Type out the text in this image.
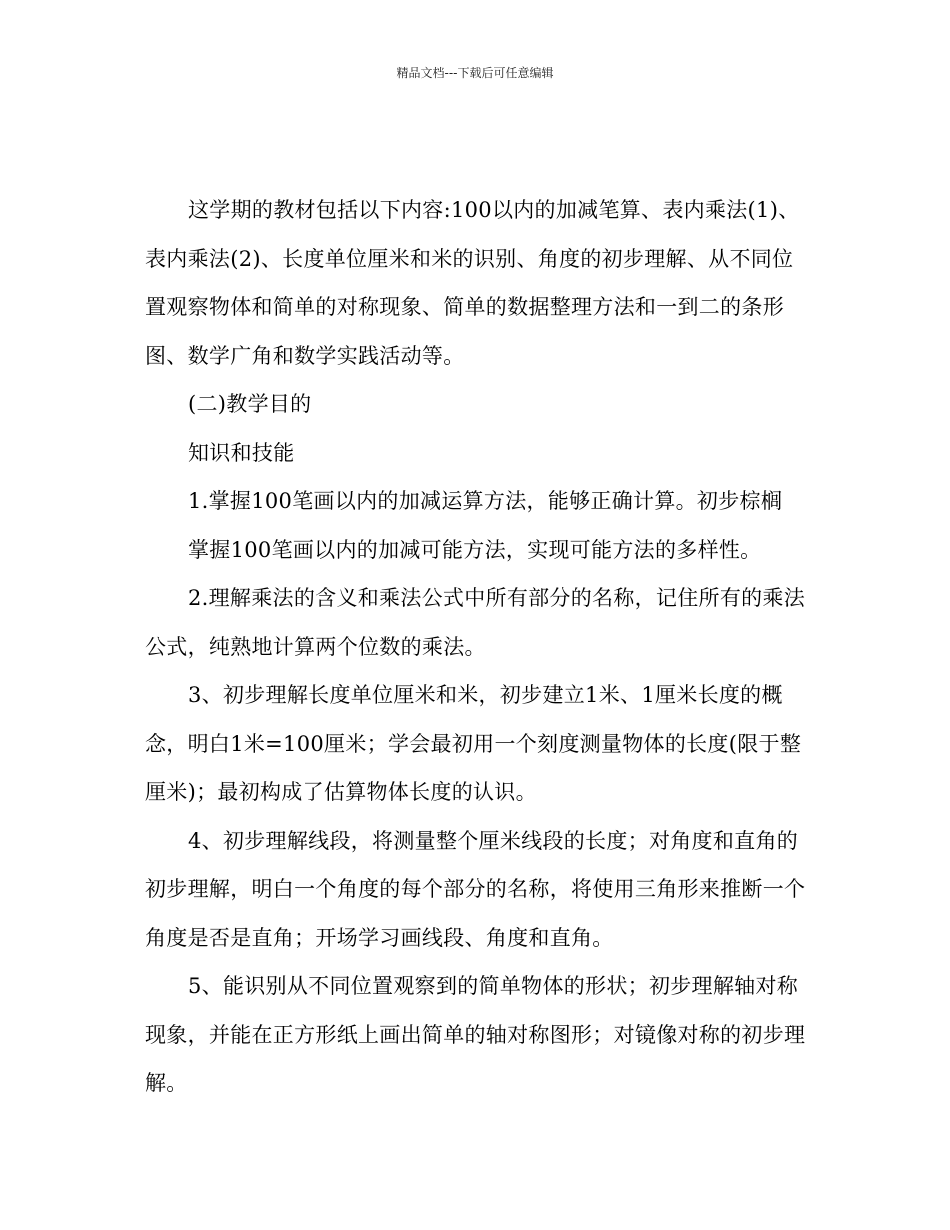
精品文档---下载后可任意编辑

这学期的教材包括以下内容:100以内的加减笔算、表内乘法(1)、表内乘法(2)、长度单位厘米和米的识别、角度的初步理解、从不同位置观察物体和简单的对称现象、简单的数据整理方法和一到二的条形图、数学广角和数学实践活动等。

(二)教学目的

知识和技能

1.掌握100笔画以内的加减运算方法，能够正确计算。初步棕榈

掌握100笔画以内的加减可能方法，实现可能方法的多样性。

2.理解乘法的含义和乘法公式中所有部分的名称，记住所有的乘法公式，纯熟地计算两个位数的乘法。

3、初步理解长度单位厘米和米，初步建立1米、1厘米长度的概念，明白1米=100厘米；学会最初用一个刻度测量物体的长度(限于整厘米)；最初构成了估算物体长度的认识。

4、初步理解线段，将测量整个厘米线段的长度；对角度和直角的初步理解，明白一个角度的每个部分的名称，将使用三角形来推断一个角度是否是直角；开场学习画线段、角度和直角。

5、能识别从不同位置观察到的简单物体的形状；初步理解轴对称现象，并能在正方形纸上画出简单的轴对称图形；对镜像对称的初步理解。
